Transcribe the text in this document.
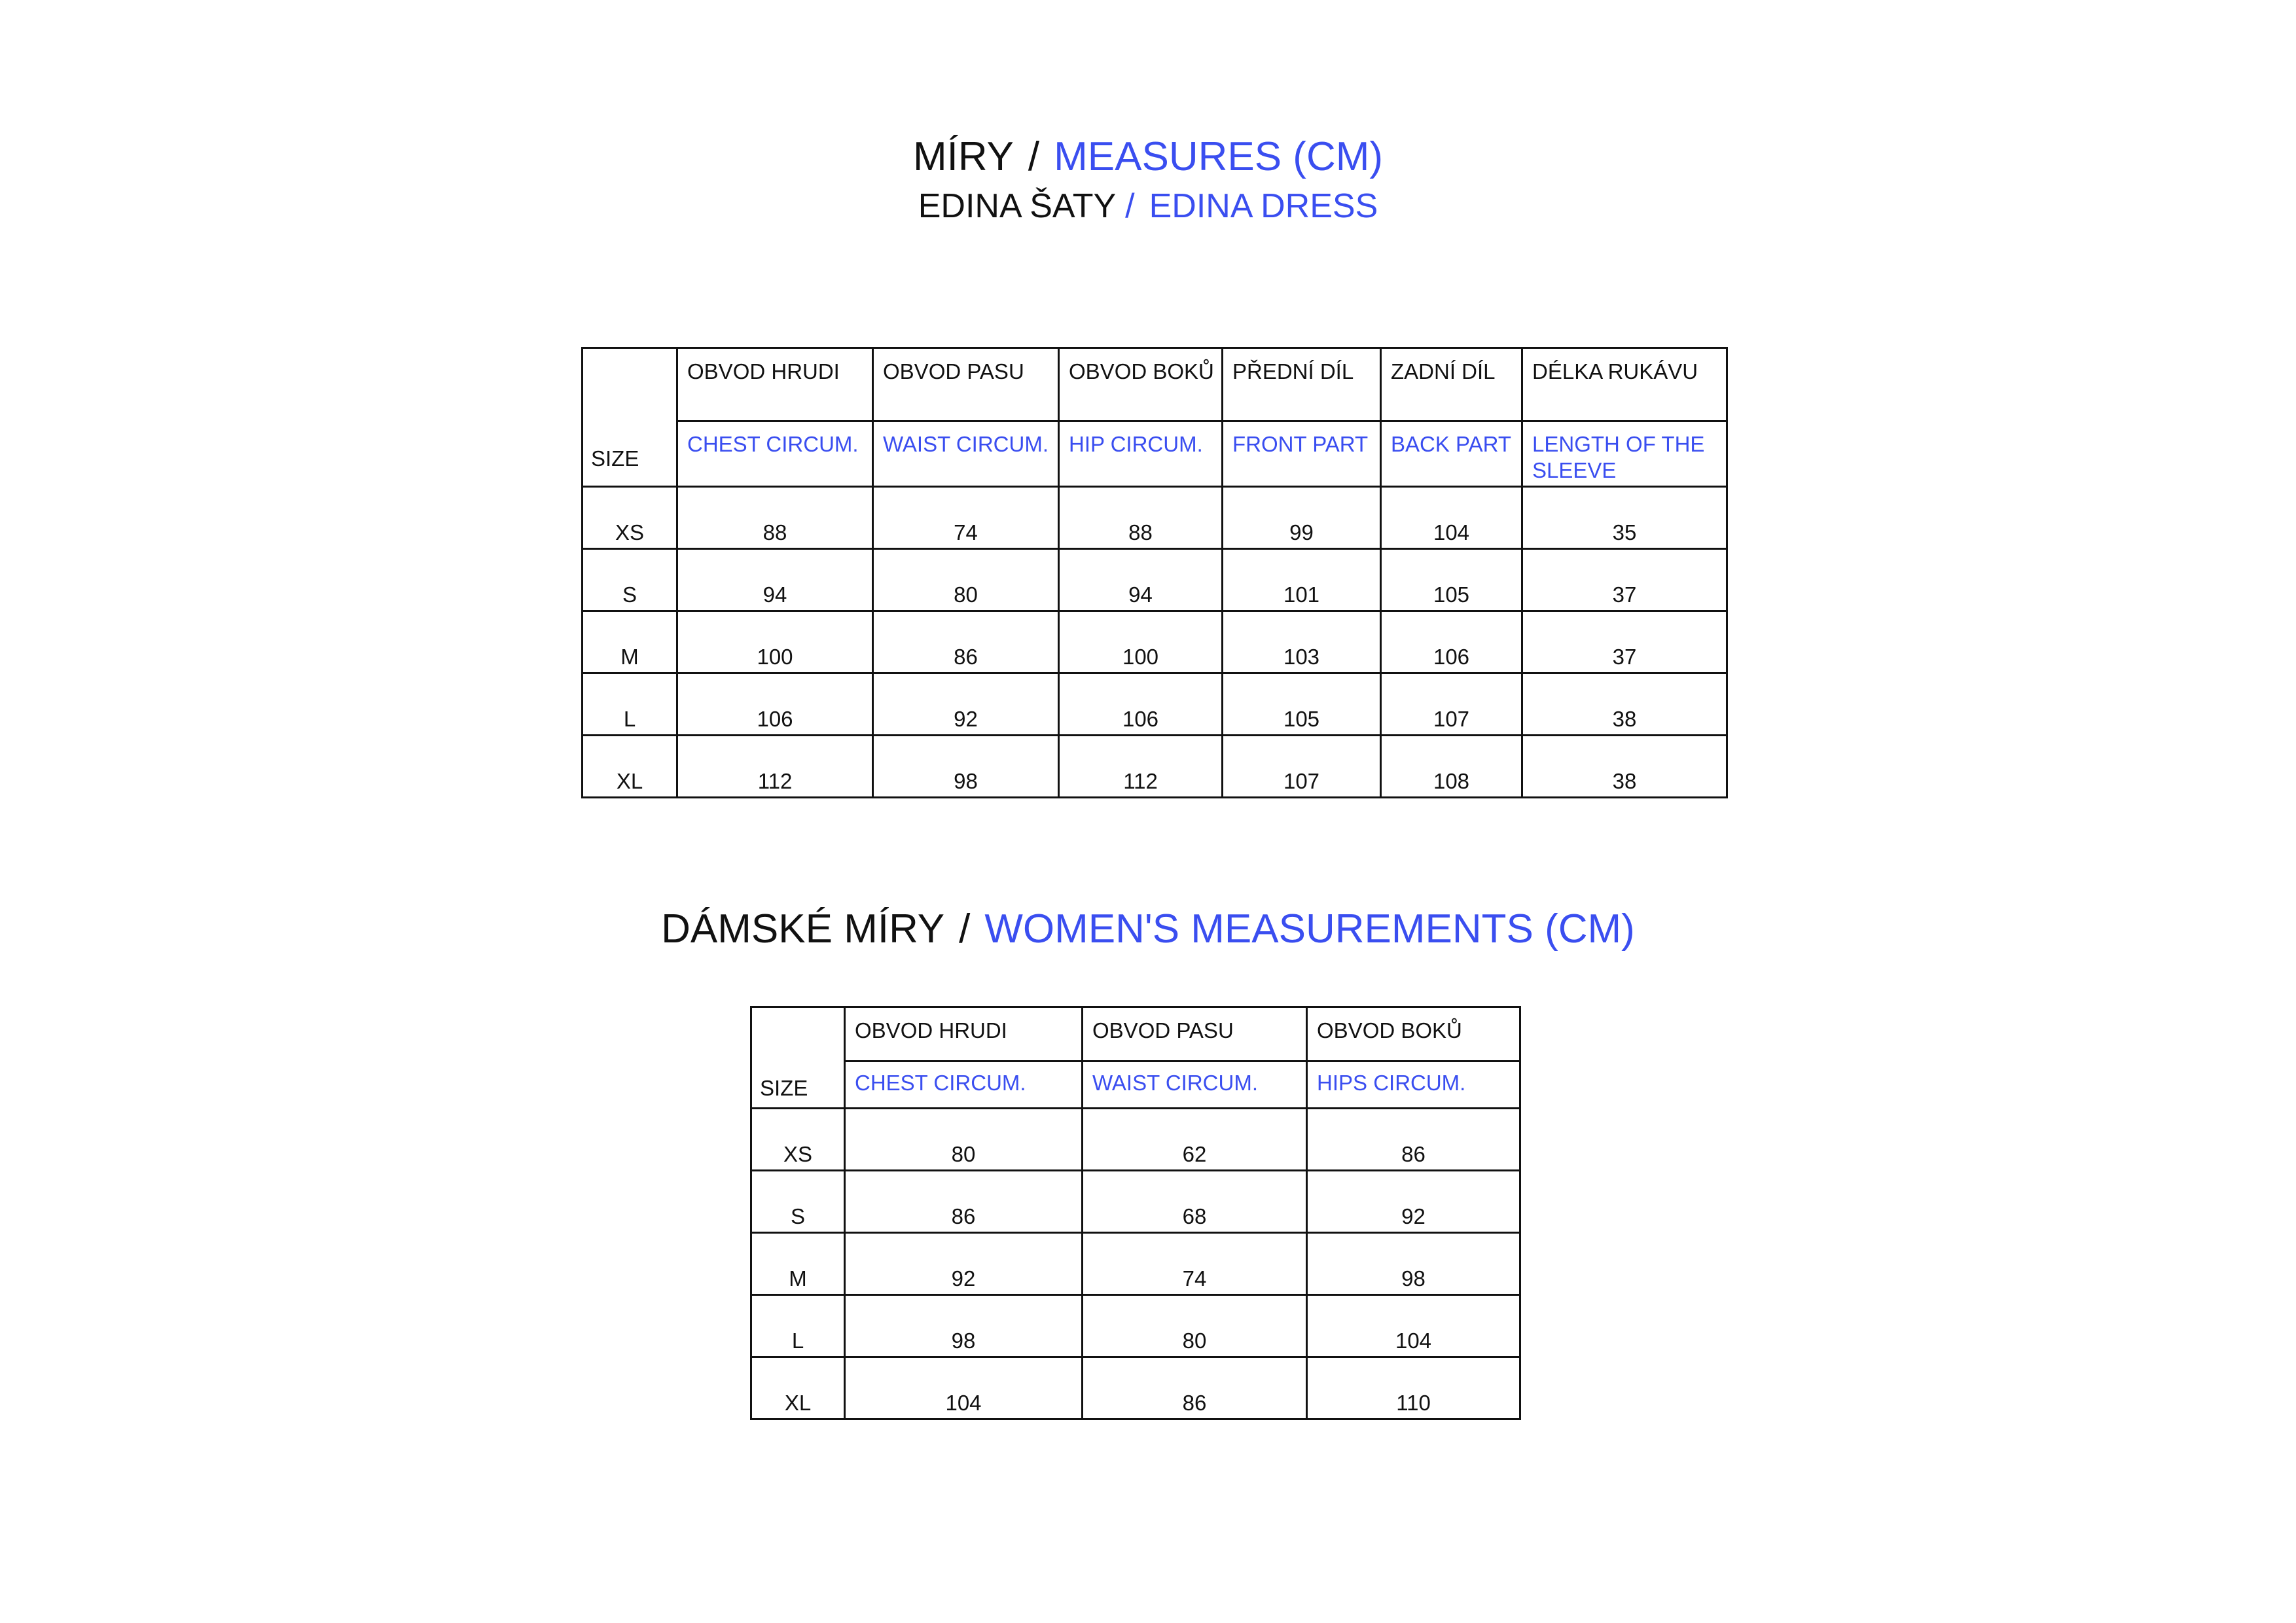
MÍRY / MEASURES (CM)
EDINA ŠATY / EDINA DRESS
SIZE	OBVOD HRUDI	OBVOD PASU	OBVOD BOKŮ	PŘEDNÍ DÍL	ZADNÍ DÍL	DÉLKA RUKÁVU
	CHEST CIRCUM.	WAIST CIRCUM.	HIP CIRCUM.	FRONT PART	BACK PART	LENGTH OF THE SLEEVE
XS	88	74	88	99	104	35
S	94	80	94	101	105	37
M	100	86	100	103	106	37
L	106	92	106	105	107	38
XL	112	98	112	107	108	38
DÁMSKÉ MÍRY / WOMEN'S MEASUREMENTS (CM)
SIZE	OBVOD HRUDI	OBVOD PASU	OBVOD BOKŮ
	CHEST CIRCUM.	WAIST CIRCUM.	HIPS CIRCUM.
XS	80	62	86
S	86	68	92
M	92	74	98
L	98	80	104
XL	104	86	110
